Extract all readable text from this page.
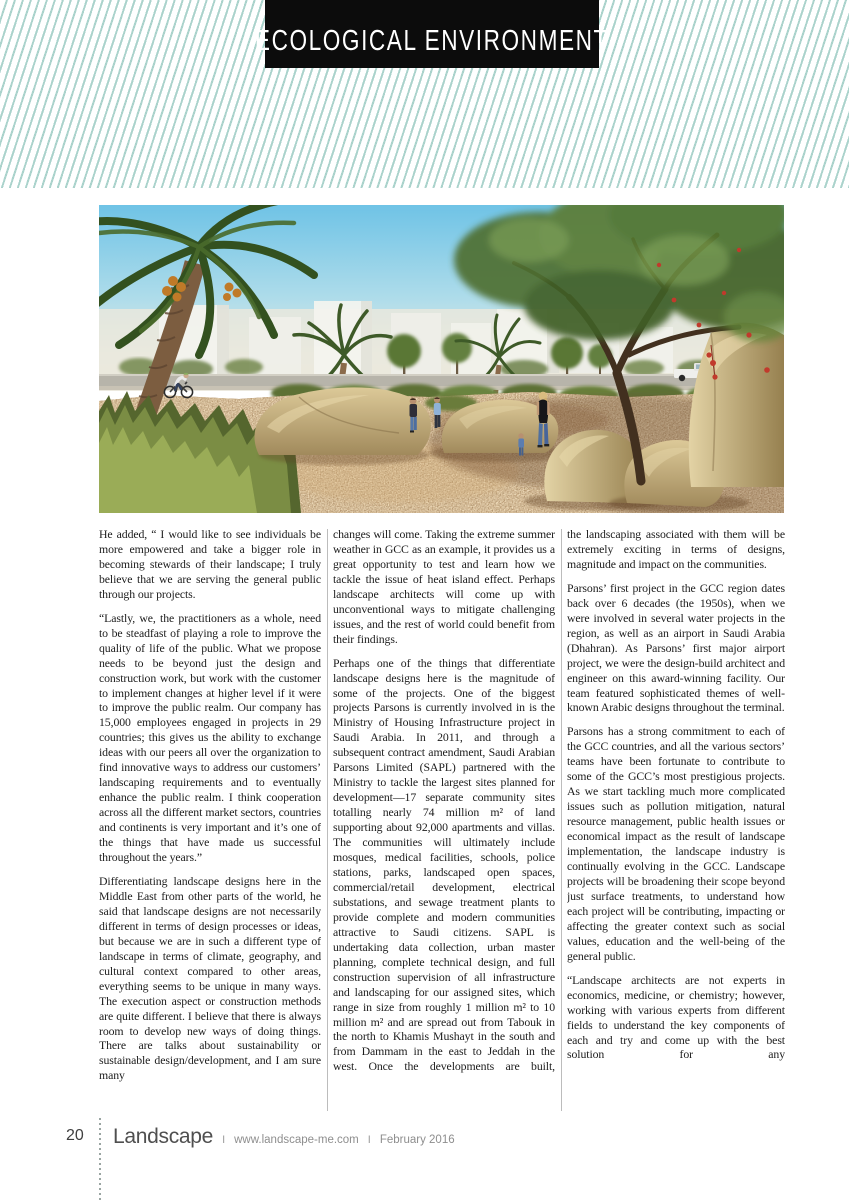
ECOLOGICAL ENVIRONMENT

He added, “ I would like to see individuals be more empowered and take a bigger role in becoming stewards of their landscape; I truly believe that we are serving the general public through our projects.

“Lastly, we, the practitioners as a whole, need to be steadfast of playing a role to improve the quality of life of the public. What we propose needs to be beyond just the design and construction work, but work with the customer to implement changes at higher level if it were to improve the public realm. Our company has 15,000 employees engaged in projects in 29 countries; this gives us the ability to exchange ideas with our peers all over the organization to find innovative ways to address our customers’ landscaping requirements and to eventually enhance the public realm. I think cooperation across all the different market sectors, countries and continents is very important and it’s one of the things that have made us successful throughout the years.”

Differentiating landscape designs here in the Middle East from other parts of the world, he said that landscape designs are not necessarily different in terms of design processes or ideas, but because we are in such a different type of landscape in terms of climate, geography, and cultural context compared to other areas, everything seems to be unique in many ways. The execution aspect or construction methods are quite different. I believe that there is always room to develop new ways of doing things. There are talks about sustainability or sustainable design/development, and I am sure many

changes will come. Taking the extreme summer weather in GCC as an example, it provides us a great opportunity to test and learn how we tackle the issue of heat island effect. Perhaps landscape architects will come up with unconventional ways to mitigate challenging issues, and the rest of world could benefit from their findings.

Perhaps one of the things that differentiate landscape designs here is the magnitude of some of the projects. One of the biggest projects Parsons is currently involved in is the Ministry of Housing Infrastructure project in Saudi Arabia. In 2011, and through a subsequent contract amendment, Saudi Arabian Parsons Limited (SAPL) partnered with the Ministry to tackle the largest sites planned for development—17 separate community sites totalling nearly 74 million m² of land supporting about 92,000 apartments and villas. The communities will ultimately include mosques, medical facilities, schools, police stations, parks, landscaped open spaces, commercial/retail development, electrical substations, and sewage treatment plants to provide complete and modern communities attractive to Saudi citizens. SAPL is undertaking data collection, urban master planning, complete technical design, and full construction supervision of all infrastructure and landscaping for our assigned sites, which range in size from roughly 1 million m² to 10 million m² and are spread out from Tabouk in the north to Khamis Mushayt in the south and from Dammam in the east to Jeddah in the west. Once the developments are built,

the landscaping associated with them will be extremely exciting in terms of designs, magnitude and impact on the communities.

Parsons’ first project in the GCC region dates back over 6 decades (the 1950s), when we were involved in several water projects in the region, as well as an airport in Saudi Arabia (Dhahran). As Parsons’ first major airport project, we were the design-build architect and engineer on this award-winning facility. Our team featured sophisticated themes of well-known Arabic designs throughout the terminal.

Parsons has a strong commitment to each of the GCC countries, and all the various sectors’ teams have been fortunate to contribute to some of the GCC’s most prestigious projects. As we start tackling much more complicated issues such as pollution mitigation, natural resource management, public health issues or economical impact as the result of landscape implementation, the landscape industry is continually evolving in the GCC. Landscape projects will be broadening their scope beyond just surface treatments, to understand how each project will be contributing, impacting or affecting the greater context such as social values, education and the well-being of the general public.

“Landscape architects are not experts in economics, medicine, or chemistry; however, working with various experts from different fields to understand the key components of each and try and come up with the best solution for any

20 Landscape I www.landscape-me.com I February 2016
